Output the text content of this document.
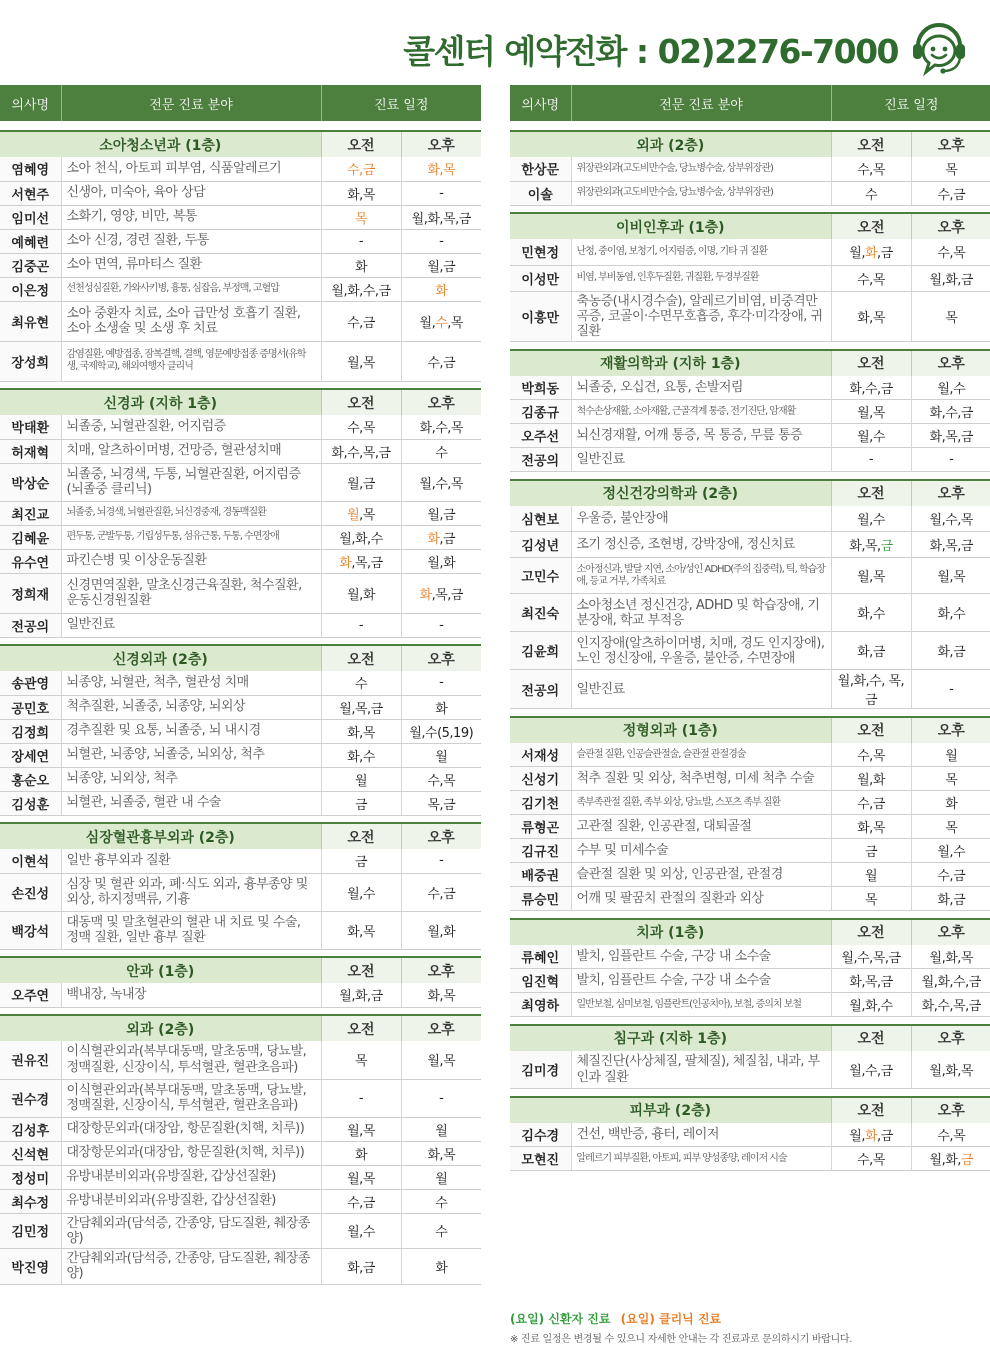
콜센터 예약전화 : 02)2276-7000
의사명	전문 진료 분야	진료 일정	

소아청소년과 (1층)		오전	오후
염혜영	소아 천식, 아토피 피부염, 식품알레르기	수,금	화,목
서현주	신생아, 미숙아, 육아 상담	화,목	-
임미선	소화기, 영양, 비만, 복통	목	월,화,목,금
예혜련	소아 신경, 경련 질환, 두통	-	-
김중곤	소아 면역, 류마티스 질환	화	월,금
이은정	선천성심질환, 가와사키병, 흉통, 심잡음, 부정맥, 고혈압	월,화,수,금	화
최유현	소아 중환자 치료, 소아 급만성 호흡기 질환, 소아 소생술 및 소생 후 치료	수,금	월,수,목
장성희	감염질환, 예방접종, 잠복결핵, 결핵, 영문예방접종 증명서(유학생, 국제학교), 해외여행자 클리닉	월,목	수,금

신경과 (지하 1층)		오전	오후
박태환	뇌졸중, 뇌혈관질환, 어지럼증	수,목	화,수,목
허재혁	치매, 알츠하이머병, 건망증, 혈관성치매	화,수,목,금	수
박상순	뇌졸중, 뇌경색, 두통, 뇌혈관질환, 어지럼증(뇌졸중 클리닉)	월,금	월,수,목
최진교	뇌졸중, 뇌경색, 뇌혈관질환, 뇌신경중재, 경동맥질환	월,목	월,금
김혜윤	편두통, 군발두통, 기립성두통, 섬유근통, 두통, 수면장애	월,화,수	화,금
유수연	파킨슨병 및 이상운동질환	화,목,금	월,화
정희재	신경면역질환, 말초신경근육질환, 척수질환, 운동신경원질환	월,화	화,목,금
전공의	일반진료	-	-

신경외과 (2층)		오전	오후
송관영	뇌종양, 뇌혈관, 척추, 혈관성 치매	수	-
공민호	척추질환, 뇌졸중, 뇌종양, 뇌외상	월,목,금	화
김정희	경추질환 및 요통, 뇌졸중, 뇌 내시경	화,목	월,수(5,19)
장세연	뇌혈관, 뇌종양, 뇌졸중, 뇌외상, 척추	화,수	월
홍순오	뇌종양, 뇌외상, 척추	월	수,목
김성훈	뇌혈관, 뇌졸중, 혈관 내 수술	금	목,금

심장혈관흉부외과 (2층)		오전	오후
이현석	일반 흉부외과 질환	금	-
손진성	심장 및 혈관 외과, 폐·식도 외과, 흉부종양 및 외상, 하지정맥류, 기흉	월,수	수,금
백강석	대동맥 및 말초혈관의 혈관 내 치료 및 수술, 정맥 질환, 일반 흉부 질환	화,목	월,화

안과 (1층)		오전	오후
오주연	백내장, 녹내장	월,화,금	화,목

외과 (2층)		오전	오후
권유진	이식혈관외과(복부대동맥, 말초동맥, 당뇨발, 정맥질환, 신장이식, 투석혈관, 혈관초음파)	목	월,목
권수경	이식혈관외과(복부대동맥, 말초동맥, 당뇨발, 정맥질환, 신장이식, 투석혈관, 혈관초음파)	-	-
김성후	대장항문외과(대장암, 항문질환(치핵, 치루))	월,목	월
신석현	대장항문외과(대장암, 항문질환(치핵, 치루))	화	화,목
정성미	유방내분비외과(유방질환, 갑상선질환)	월,목	월
최수정	유방내분비외과(유방질환, 갑상선질환)	수,금	수
김민정	간담췌외과(담석증, 간종양, 담도질환, 췌장종양)	월,수	수
박진영	간담췌외과(담석증, 간종양, 담도질환, 췌장종양)	화,금	화
의사명	전문 진료 분야	진료 일정	

외과 (2층)		오전	오후
한상문	위장관외과(고도비만수술, 당뇨병수술, 상부위장관)	수,목	목
이솔	위장관외과(고도비만수술, 당뇨병수술, 상부위장관)	수	수,금

이비인후과 (1층)		오전	오후
민현정	난청, 중이염, 보청기, 어지럼증, 이명, 기타 귀 질환	월,화,금	수,목
이성만	비염, 부비동염, 인후두질환, 귀질환, 두경부질환	수,목	월,화,금
이흥만	축농증(내시경수술), 알레르기비염, 비중격만곡증, 코골이·수면무호흡증, 후각·미각장애, 귀질환	화,목	목

재활의학과 (지하 1층)		오전	오후
박희동	뇌졸중, 오십견, 요통, 손발저림	화,수,금	월,수
김종규	척수손상재활, 소아재활, 근골격계 통증, 전기진단, 암재활	월,목	화,수,금
오주선	뇌신경재활, 어깨 통증, 목 통증, 무릎 통증	월,수	화,목,금
전공의	일반진료	-	-

정신건강의학과 (2층)		오전	오후
심현보	우울증, 불안장애	월,수	월,수,목
김성년	조기 정신증, 조현병, 강박장애, 정신치료	화,목,금	화,목,금
고민수	소아정신과, 발달 지연, 소아/성인 ADHD(주의 집중력), 틱, 학습장애, 등교 거부, 가족치료	월,목	월,목
최진숙	소아청소년 정신건강, ADHD 및 학습장애, 기분장애, 학교 부적응	화,수	화,수
김윤희	인지장애(알츠하이머병, 치매, 경도 인지장애), 노인 정신장애, 우울증, 불안증, 수면장애	화,금	화,금
전공의	일반진료	월,화,수, 목,금	-

정형외과 (1층)		오전	오후
서재성	슬관절 질환, 인공슬관절술, 슬관절 관절경술	수,목	월
신성기	척추 질환 및 외상, 척추변형, 미세 척추 수술	월,화	목
김기천	족부족관절 질환, 족부 외상, 당뇨발, 스포츠 족부 질환	수,금	화
류형곤	고관절 질환, 인공관절, 대퇴골절	화,목	목
김규진	수부 및 미세수술	금	월,수
배중권	슬관절 질환 및 외상, 인공관절, 관절경	월	수,금
류승민	어깨 및 팔꿈치 관절의 질환과 외상	목	화,금

치과 (1층)		오전	오후
류혜인	발치, 임플란트 수술, 구강 내 소수술	월,수,목,금	월,화,목
임진혁	발치, 임플란트 수술, 구강 내 소수술	화,목,금	월,화,수,금
최영하	일반보철, 심미보철, 임플란트(인공치아), 보철, 증의치 보철	월,화,수	화,수,목,금

침구과 (지하 1층)		오전	오후
김미경	체질진단(사상체질, 팔체질), 체질침, 내과, 부인과 질환	월,수,금	월,화,목

피부과 (2층)		오전	오후
김수경	건선, 백반증, 흉터, 레이저	월,화,금	수,목
모현진	알레르기 피부질환, 아토피, 피부 양성종양, 레이저 시술	수,목	월,화,금
(요일) 신환자 진료 (요일) 클리닉 진료
※ 진료 일정은 변경될 수 있으니 자세한 안내는 각 진료과로 문의하시기 바랍니다.
